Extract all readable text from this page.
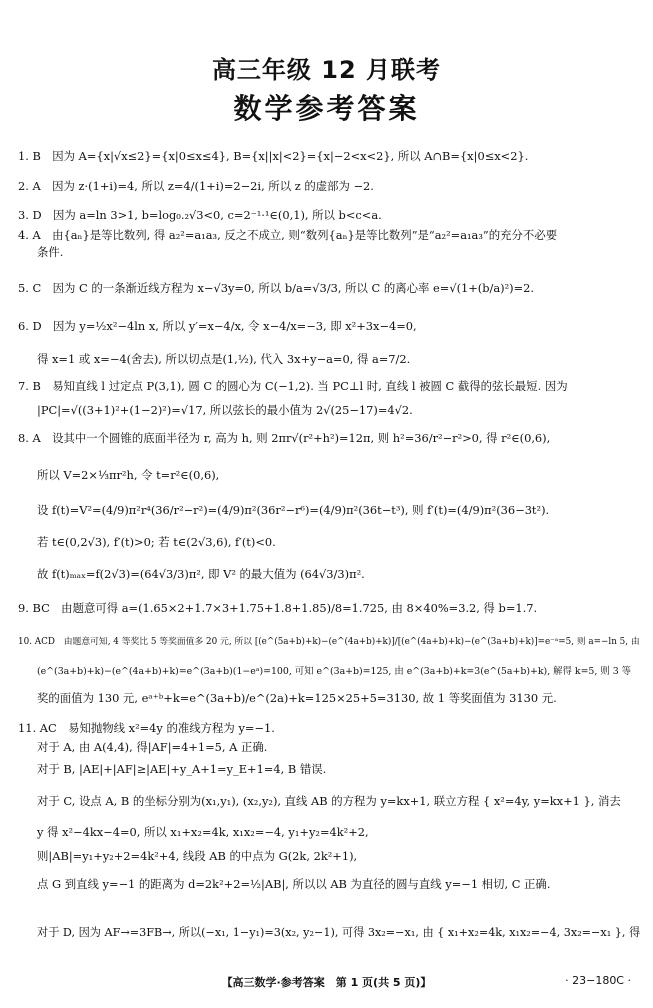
高三年级 12 月联考
数学参考答案
1. B　因为 A={x|√x≤2}={x|0≤x≤4}, B={x||x|<2}={x|−2<x<2}, 所以 A∩B={x|0≤x<2}.
2. A　因为 z·(1+i)=4, 所以 z=4/(1+i)=2−2i, 所以 z 的虚部为 −2.
3. D　因为 a=ln 3>1, b=log₀.₂√3<0, c=2⁻¹·¹∈(0,1), 所以 b<c<a.
4. A　由{aₙ}是等比数列, 得 a₂²=a₁a₃, 反之不成立, 则“数列{aₙ}是等比数列”是“a₂²=a₁a₃”的充分不必要
条件.
5. C　因为 C 的一条渐近线方程为 x−√3y=0, 所以 b/a=√3/3, 所以 C 的离心率 e=√(1+(b/a)²)=2.
6. D　因为 y=½x²−4ln x, 所以 y′=x−4/x, 令 x−4/x=−3, 即 x²+3x−4=0,
得 x=1 或 x=−4(舍去), 所以切点是(1,½), 代入 3x+y−a=0, 得 a=7/2.
7. B　易知直线 l 过定点 P(3,1), 圆 C 的圆心为 C(−1,2). 当 PC⊥l 时, 直线 l 被圆 C 截得的弦长最短. 因为
|PC|=√((3+1)²+(1−2)²)=√17, 所以弦长的最小值为 2√(25−17)=4√2.
8. A　设其中一个圆锥的底面半径为 r, 高为 h, 则 2πr√(r²+h²)=12π, 则 h²=36/r²−r²>0, 得 r²∈(0,6),
所以 V=2×⅓πr²h, 令 t=r²∈(0,6),
设 f(t)=V²=(4/9)π²r⁴(36/r²−r²)=(4/9)π²(36r²−r⁶)=(4/9)π²(36t−t³), 则 f′(t)=(4/9)π²(36−3t²).
若 t∈(0,2√3), f′(t)>0; 若 t∈(2√3,6), f′(t)<0.
故 f(t)ₘₐₓ=f(2√3)=(64√3/3)π², 即 V² 的最大值为 (64√3/3)π².
9. BC　由题意可得 a=(1.65×2+1.7×3+1.75+1.8+1.85)/8=1.725, 由 8×40%=3.2, 得 b=1.7.
10. ACD　由题意可知, 4 等奖比 5 等奖面值多 20 元, 所以 [(e^(5a+b)+k)−(e^(4a+b)+k)]/[(e^(4a+b)+k)−(e^(3a+b)+k)]=e⁻ᵃ=5, 则 a=−ln 5, 由
(e^(3a+b)+k)−(e^(4a+b)+k)=e^(3a+b)(1−eᵃ)=100, 可知 e^(3a+b)=125, 由 e^(3a+b)+k=3(e^(5a+b)+k), 解得 k=5, 则 3 等
奖的面值为 130 元, eᵃ⁺ᵇ+k=e^(3a+b)/e^(2a)+k=125×25+5=3130, 故 1 等奖面值为 3130 元.
11. AC　易知抛物线 x²=4y 的准线方程为 y=−1.
对于 A, 由 A(4,4), 得|AF|=4+1=5, A 正确.
对于 B, |AE|+|AF|≥|AE|+y_A+1=y_E+1=4, B 错误.
对于 C, 设点 A, B 的坐标分别为(x₁,y₁), (x₂,y₂), 直线 AB 的方程为 y=kx+1, 联立方程 { x²=4y, y=kx+1 }, 消去
y 得 x²−4kx−4=0, 所以 x₁+x₂=4k, x₁x₂=−4, y₁+y₂=4k²+2,
则|AB|=y₁+y₂+2=4k²+4, 线段 AB 的中点为 G(2k, 2k²+1),
点 G 到直线 y=−1 的距离为 d=2k²+2=½|AB|, 所以以 AB 为直径的圆与直线 y=−1 相切, C 正确.
对于 D, 因为 AF→=3FB→, 所以(−x₁, 1−y₁)=3(x₂, y₂−1), 可得 3x₂=−x₁, 由 { x₁+x₂=4k, x₁x₂=−4, 3x₂=−x₁ }, 得
【高三数学·参考答案　第 1 页(共 5 页)】	· 23−180C ·
